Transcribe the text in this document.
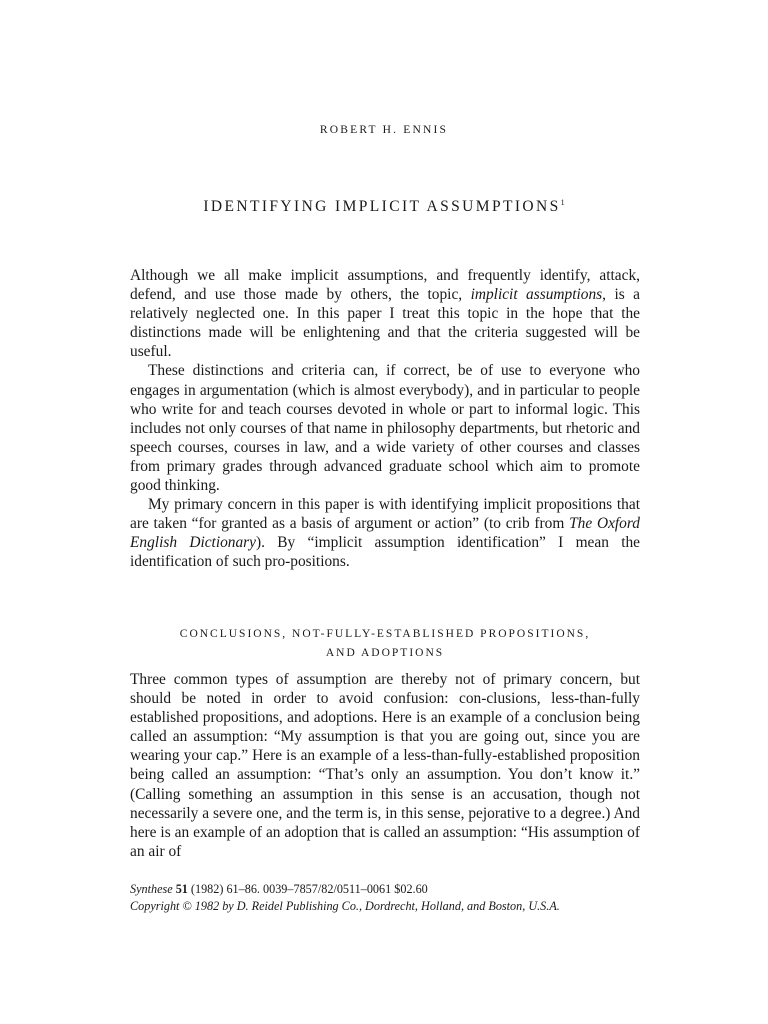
ROBERT H. ENNIS
IDENTIFYING IMPLICIT ASSUMPTIONS$^1$

Although we all make implicit assumptions, and frequently identify, attack, defend, and use those made by others, the topic, implicit assumptions, is a relatively neglected one. In this paper I treat this topic in the hope that the distinctions made will be enlightening and that the criteria suggested will be useful.

These distinctions and criteria can, if correct, be of use to everyone who engages in argumentation (which is almost everybody), and in particular to people who write for and teach courses devoted in whole or part to informal logic. This includes not only courses of that name in philosophy departments, but rhetoric and speech courses, courses in law, and a wide variety of other courses and classes from primary grades through advanced graduate school which aim to promote good thinking.

My primary concern in this paper is with identifying implicit propositions that are taken “for granted as a basis of argument or action” (to crib from The Oxford English Dictionary). By “implicit assumption identification” I mean the identification of such pro-positions.

CONCLUSIONS, NOT-FULLY-ESTABLISHED PROPOSITIONS,
AND ADOPTIONS

Three common types of assumption are thereby not of primary concern, but should be noted in order to avoid confusion: con-clusions, less-than-fully established propositions, and adoptions. Here is an example of a conclusion being called an assumption: “My assumption is that you are going out, since you are wearing your cap.” Here is an example of a less-than-fully-established proposition being called an assumption: “That’s only an assumption. You don’t know it.” (Calling something an assumption in this sense is an accusation, though not necessarily a severe one, and the term is, in this sense, pejorative to a degree.) And here is an example of an adoption that is called an assumption: “His assumption of an air of

Synthese 51 (1982) 61–86. 0039–7857/82/0511–0061 $02.60
Copyright © 1982 by D. Reidel Publishing Co., Dordrecht, Holland, and Boston, U.S.A.
